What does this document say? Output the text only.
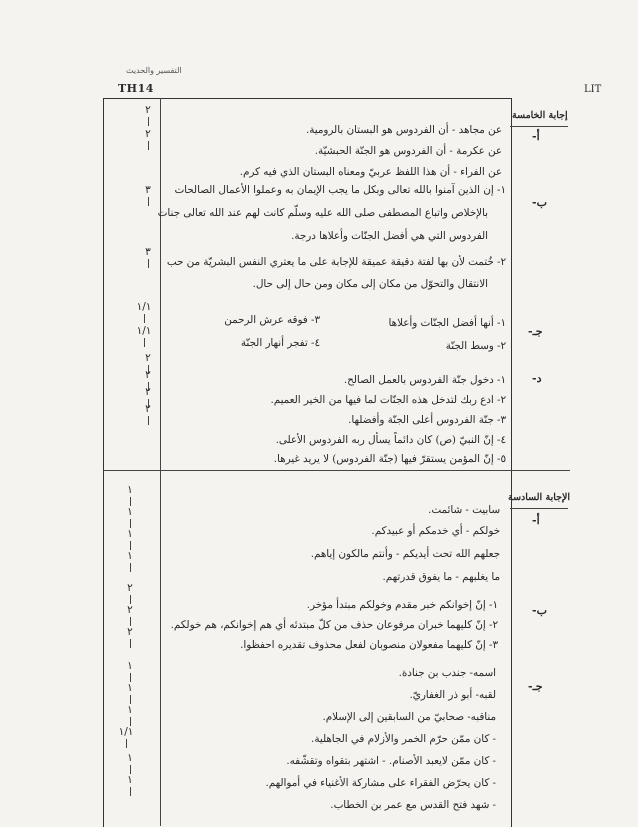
التفسير والحديث
TH14	LIT
إجابة الخامسة
أ-
ب-
جـ-
د-
عن مجاهد - أن الفردوس هو البستان بالرومية.
عن عكرمة - أن الفردوس هو الجنّة الحبشيّة.
عن الفراء - أن هذا اللفظ عربيّ ومعناه البستان الذي فيه كرم.
١- إن الذين آمنوا بالله تعالى وبكل ما يجب الإيمان به وعملوا الأعمال الصالحات
بالإخلاص واتباع المصطفى صلى الله عليه وسلّم كانت لهم عند الله تعالى جنات
الفردوس التي هي أفضل الجنّات وأعلاها درجة.
٢- خُتمت لأن بها لفتة دقيقة عميقة للإجابة على ما يعتري النفس البشريّة من حب
الانتقال والتحوّل من مكان إلى مكان ومن حال إلى حال.
١- أنها أفضل الجنّات وأعلاها
٢- وسط الجنّة
٣- فوقه عرش الرحمن
٤- تفجر أنهار الجنّة
١- دخول جنّة الفردوس بالعمل الصالح.
٢- ادع ربك لتدخل هذه الجنّات لما فيها من الخير العميم.
٣- جنّة الفردوس أعلى الجنّة وأفضلها.
٤- إنّ النبيّ (ص) كان دائماً يسأل ربه الفردوس الأعلى.
٥- إنّ المؤمن يستقرّ فيها (جنّة الفردوس) لا يريد غيرها.
٢
٢
٣
٣
١/١
١/١
٢
٢
٢
٢
الإجابة السادسة
أ-
ب-
جـ-
سابيت - شائمت.
خولكم - أي خدمكم أو عبيدكم.
جعلهم الله تحت أيديكم - وأنتم مالكون إياهم.
ما يغلبهم - ما يفوق قدرتهم.
١- إنّ إخوانكم خبر مقدم وخولكم مبتدأ مؤخر.
٢- إنّ كليهما خبران مرفوعان حذف من كلّ مبتدئه أي هم إخوانكم، هم خولكم.
٣- إنّ كليهما مفعولان منصوبان لفعل محذوف تقديره احفظوا.
اسمه- جندب بن جنادة.
لقبه- أبو ذر الغفاريّ.
مناقبه- صحابيّ من السابقين إلى الإسلام.
- كان ممّن حرّم الخمر والأزلام في الجاهلية.
- كان ممّن لايعبد الأصنام. - اشتهر بتقواه وتقشّفه.
- كان يحرّض الفقراء على مشاركة الأغنياء في أموالهم.
- شهد فتح القدس مع عمر بن الخطاب.
١
١
١
١
٢
٢
٢
١
١
١
١/١
١
١
